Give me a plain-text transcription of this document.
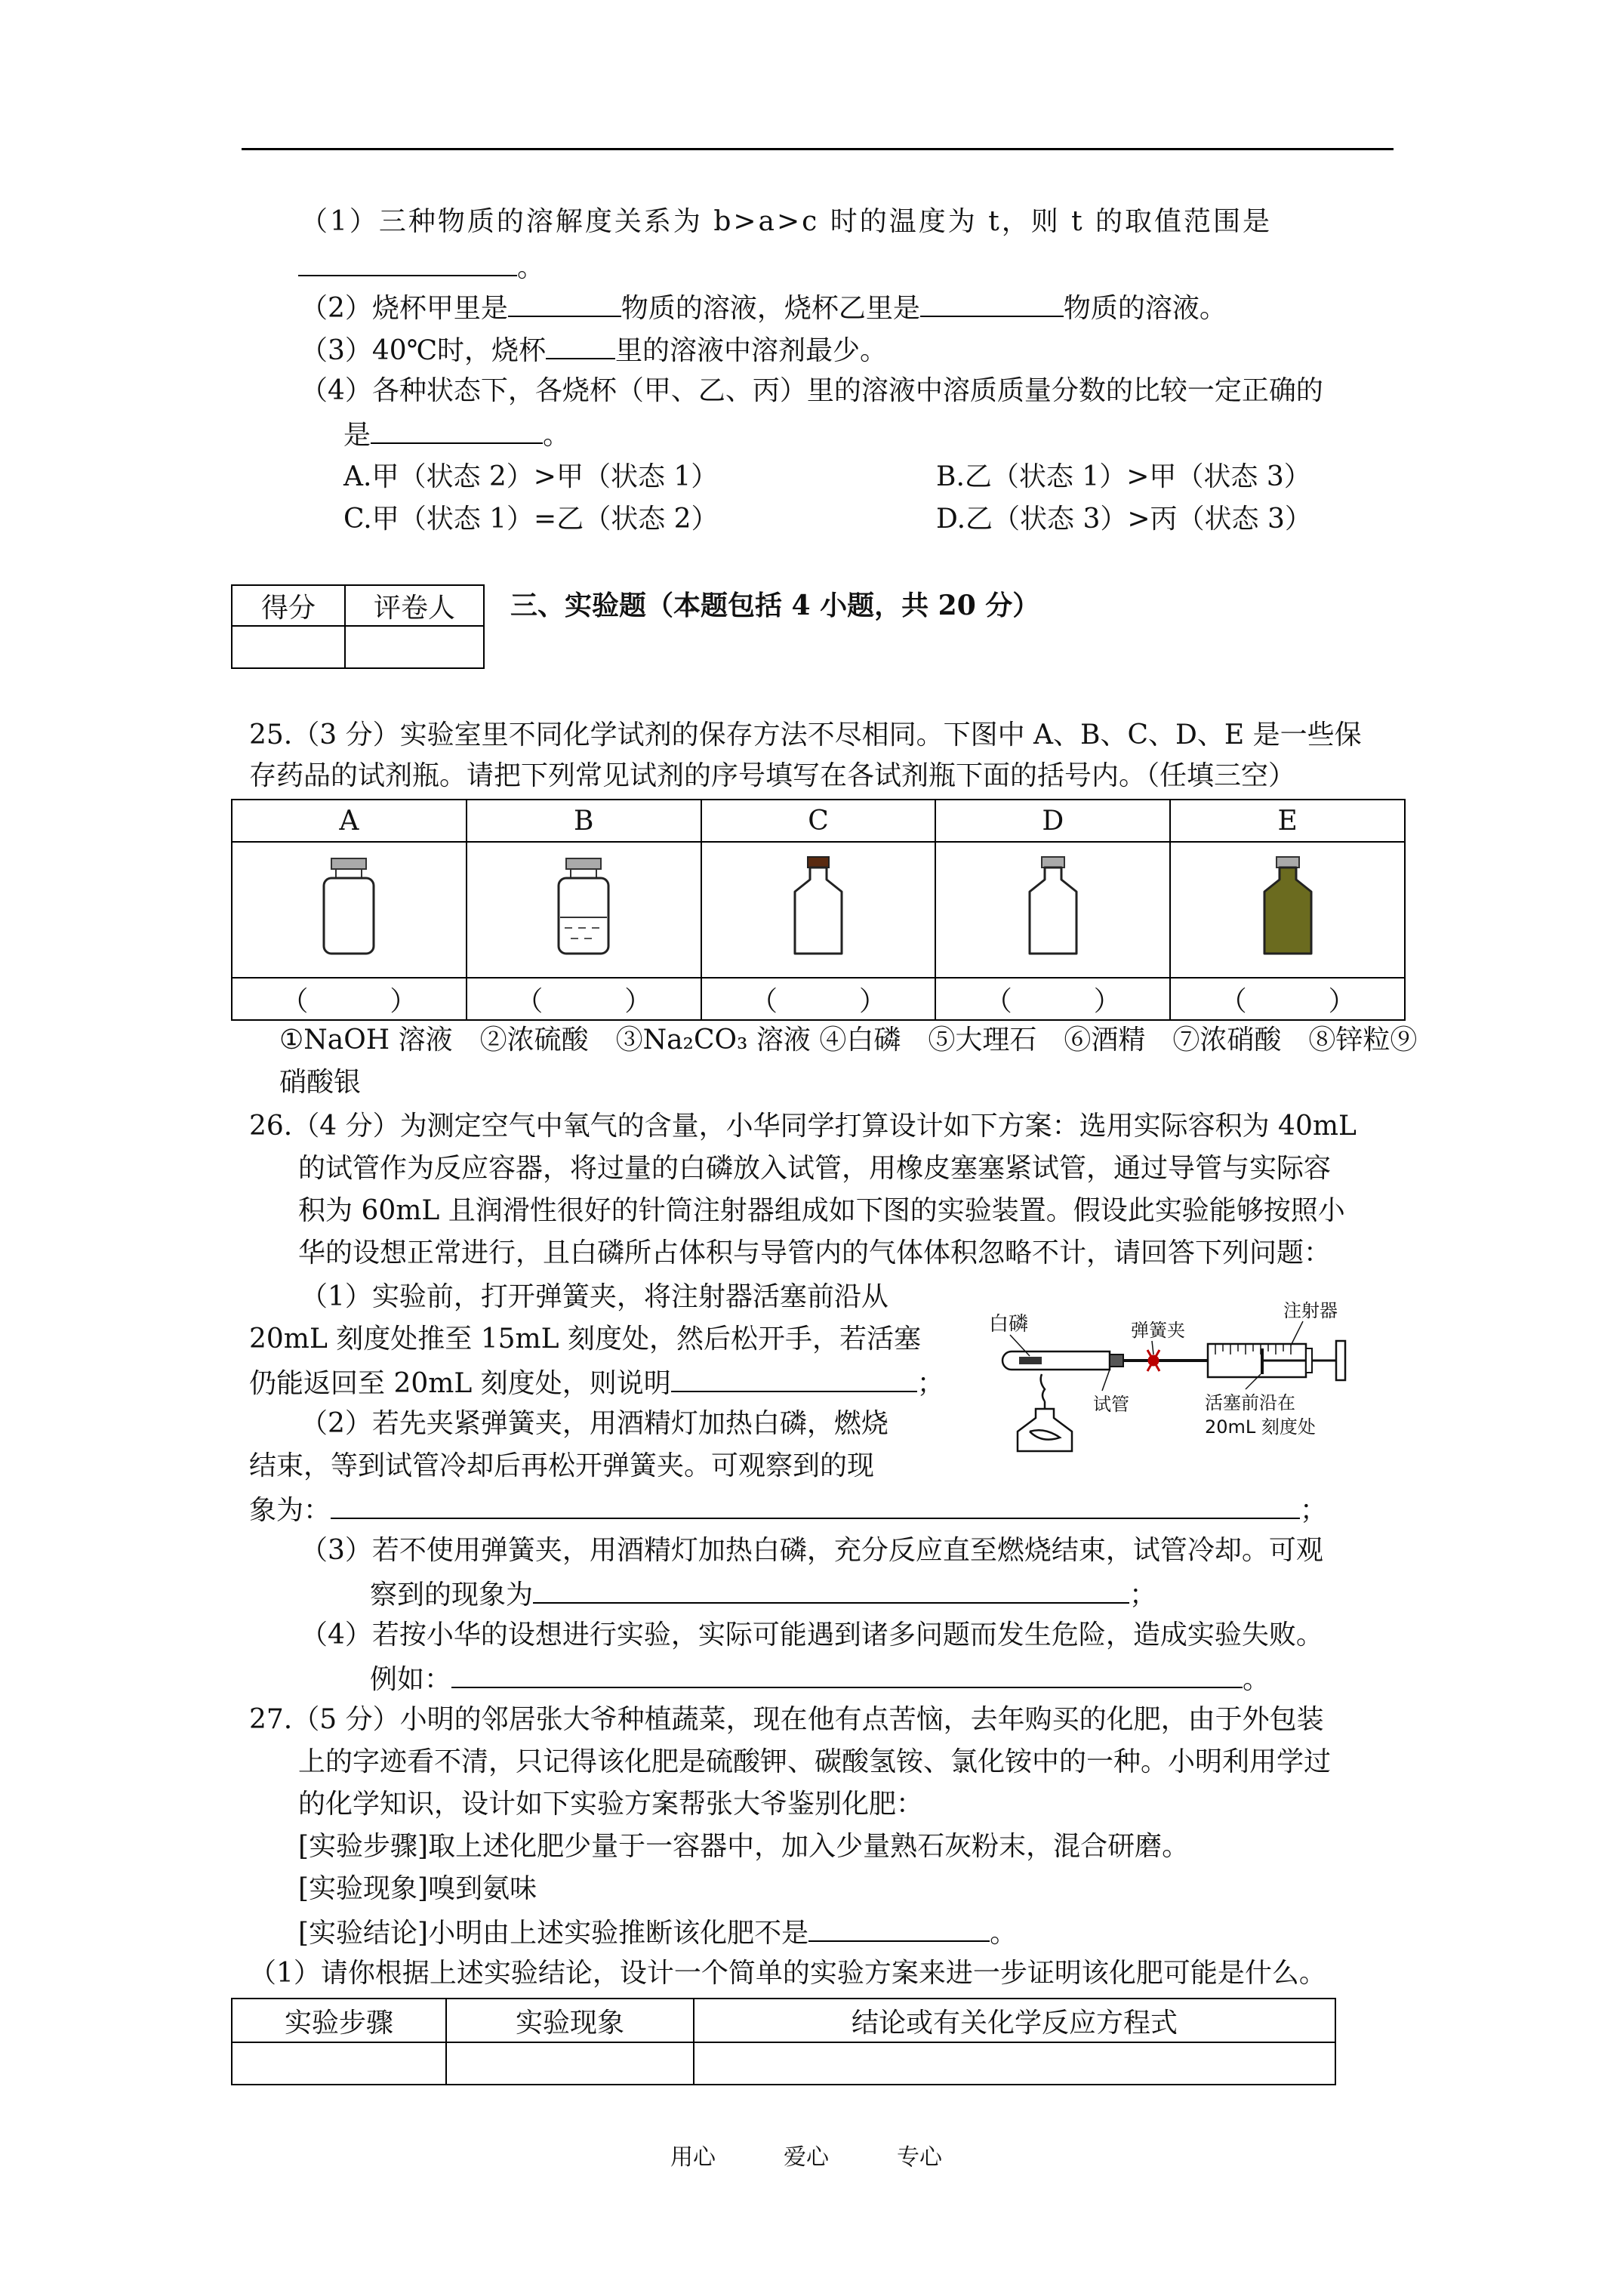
（1）三种物质的溶解度关系为 b>a>c 时的温度为 t，则 t 的取值范围是
。
（2）烧杯甲里是	物质的溶液，烧杯乙里是	物质的溶液。
（3）40℃时，烧杯	里的溶液中溶剂最少。
（4）各种状态下，各烧杯（甲、乙、丙）里的溶液中溶质质量分数的比较一定正确的
是	。
A.甲（状态 2）>甲（状态 1）	B.乙（状态 1）>甲（状态 3）
C.甲（状态 1）=乙（状态 2）	D.乙（状态 3）>丙（状态 3）
得分	评卷人
	三、实验题（本题包括 4 小题，共 20 分）
25.（3 分）实验室里不同化学试剂的保存方法不尽相同。下图中 A、B、C、D、E 是一些保
存药品的试剂瓶。请把下列常见试剂的序号填写在各试剂瓶下面的括号内。（任填三空）
A	B	C	D	E

（　　　）	（　　　）	（　　　）	（　　　）	（　　　）
①NaOH 溶液　②浓硫酸　③Na₂CO₃ 溶液 ④白磷　⑤大理石　⑥酒精　⑦浓硝酸　⑧锌粒⑨
硝酸银
26.（4 分）为测定空气中氧气的含量，小华同学打算设计如下方案：选用实际容积为 40mL
的试管作为反应容器，将过量的白磷放入试管，用橡皮塞塞紧试管，通过导管与实际容
积为 60mL 且润滑性很好的针筒注射器组成如下图的实验装置。假设此实验能够按照小
华的设想正常进行，且白磷所占体积与导管内的气体体积忽略不计，请回答下列问题：
（1）实验前，打开弹簧夹，将注射器活塞前沿从
20mL 刻度处推至 15mL 刻度处，然后松开手，若活塞
仍能返回至 20mL 刻度处，则说明	；
（2）若先夹紧弹簧夹，用酒精灯加热白磷，燃烧
结束，等到试管冷却后再松开弹簧夹。可观察到的现
象为：	；
（3）若不使用弹簧夹，用酒精灯加热白磷，充分反应直至燃烧结束，试管冷却。可观
察到的现象为	；
（4）若按小华的设想进行实验，实际可能遇到诸多问题而发生危险，造成实验失败。
例如：	。
白磷	弹簧夹
注射器
试管	活塞前沿在
20mL 刻度处
27.（5 分）小明的邻居张大爷种植蔬菜，现在他有点苦恼，去年购买的化肥，由于外包装
上的字迹看不清，只记得该化肥是硫酸钾、碳酸氢铵、氯化铵中的一种。小明利用学过
的化学知识，设计如下实验方案帮张大爷鉴别化肥：
[实验步骤]取上述化肥少量于一容器中，加入少量熟石灰粉末，混合研磨。
[实验现象]嗅到氨味
[实验结论]小明由上述实验推断该化肥不是	。
（1）请你根据上述实验结论，设计一个简单的实验方案来进一步证明该化肥可能是什么。
实验步骤	实验现象	结论或有关化学反应方程式

用心	爱心	专心
